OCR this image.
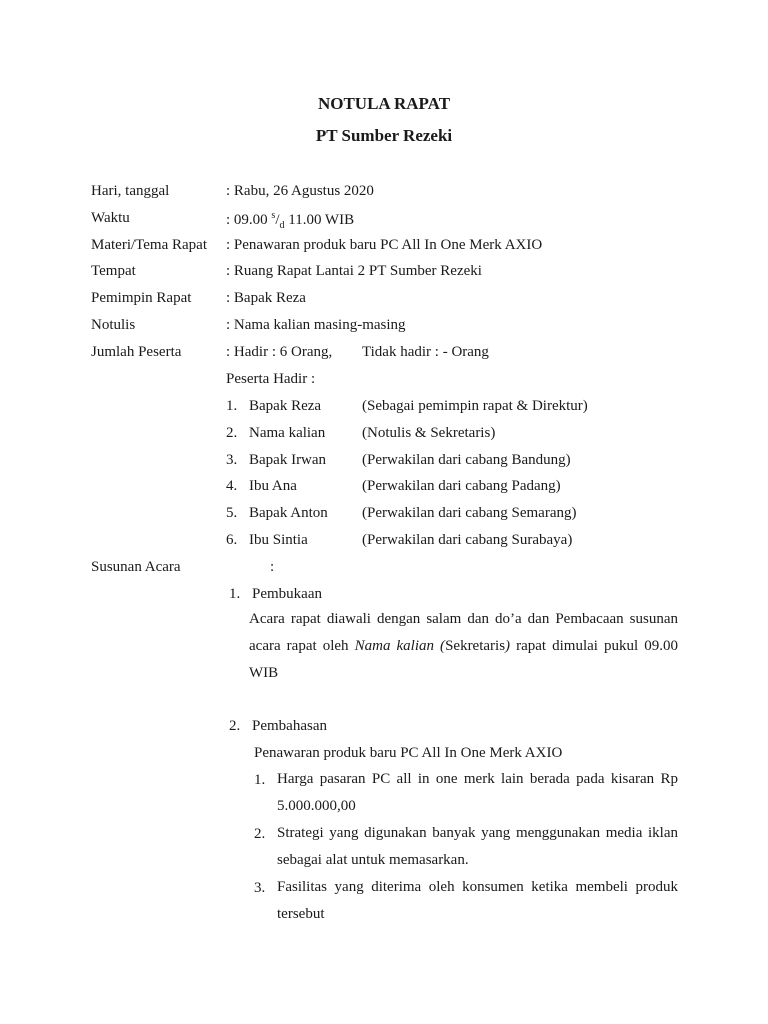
NOTULA RAPAT
PT Sumber Rezeki
Hari, tanggal	: Rabu, 26 Agustus 2020
Waktu	: 09.00 $^s/_d$ 11.00 WIB
Materi/Tema Rapat : Penawaran produk baru PC All In One Merk AXIO
Tempat	: Ruang Rapat Lantai 2 PT Sumber Rezeki
Pemimpin Rapat : Bapak Reza
Notulis	: Nama kalian masing-masing
Jumlah Peserta	: Hadir : 6 Orang, Tidak hadir : - Orang
Peserta Hadir :
1. Bapak Reza	(Sebagai pemimpin rapat & Direktur)
2. Nama kalian (Notulis & Sekretaris)
3. Bapak Irwan (Perwakilan dari cabang Bandung)
4. Ibu Ana	(Perwakilan dari cabang Padang)
5. Bapak Anton (Perwakilan dari cabang Semarang)
6. Ibu Sintia	(Perwakilan dari cabang Surabaya)
Susunan Acara	:
1. Pembukaan
Acara rapat diawali dengan salam dan do’a dan Pembacaan susunan acara rapat oleh Nama kalian (Sekretaris) rapat dimulai pukul 09.00 WIB
2. Pembahasan
Penawaran produk baru PC All In One Merk AXIO
1. Harga pasaran PC all in one merk lain berada pada kisaran Rp 5.000.000,00
2. Strategi yang digunakan banyak yang menggunakan media iklan sebagai alat untuk memasarkan.
3. Fasilitas yang diterima oleh konsumen ketika membeli produk tersebut
